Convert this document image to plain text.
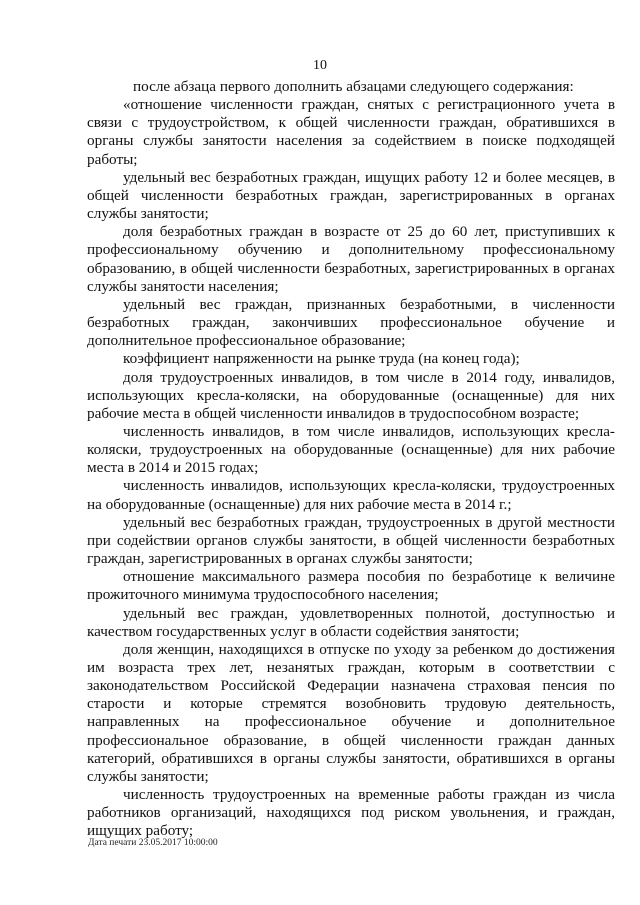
10

после абзаца первого дополнить абзацами следующего содержания:

«отношение численности граждан, снятых с регистрационного учета в связи с трудоустройством, к общей численности граждан, обратившихся в органы службы занятости населения за содействием в поиске подходящей работы;

удельный вес безработных граждан, ищущих работу 12 и более месяцев, в общей численности безработных граждан, зарегистрированных в органах службы занятости;

доля безработных граждан в возрасте от 25 до 60 лет, приступивших к профессиональному обучению и дополнительному профессиональному образованию, в общей численности безработных, зарегистрированных в органах службы занятости населения;

удельный вес граждан, признанных безработными, в численности безработных граждан, закончивших профессиональное обучение и дополнительное профессиональное образование;

коэффициент напряженности на рынке труда (на конец года);

доля трудоустроенных инвалидов, в том числе в 2014 году, инвалидов, использующих кресла-коляски, на оборудованные (оснащенные) для них рабочие места в общей численности инвалидов в трудоспособном возрасте;

численность инвалидов, в том числе инвалидов, использующих кресла-коляски, трудоустроенных на оборудованные (оснащенные) для них рабочие места в 2014 и 2015 годах;

численность инвалидов, использующих кресла-коляски, трудоустроенных на оборудованные (оснащенные) для них рабочие места в 2014 г.;

удельный вес безработных граждан, трудоустроенных в другой местности при содействии органов службы занятости, в общей численности безработных граждан, зарегистрированных в органах службы занятости;

отношение максимального размера пособия по безработице к величине прожиточного минимума трудоспособного населения;

удельный вес граждан, удовлетворенных полнотой, доступностью и качеством государственных услуг в области содействия занятости;

доля женщин, находящихся в отпуске по уходу за ребенком до достижения им возраста трех лет, незанятых граждан, которым в соответствии с законодательством Российской Федерации назначена страховая пенсия по старости и которые стремятся возобновить трудовую деятельность, направленных на профессиональное обучение и дополнительное профессиональное образование, в общей численности граждан данных категорий, обратившихся в органы службы занятости, обратившихся в органы службы занятости;

численность трудоустроенных на временные работы граждан из числа работников организаций, находящихся под риском увольнения, и граждан, ищущих работу;

Дата печати 23.05.2017 10:00:00
